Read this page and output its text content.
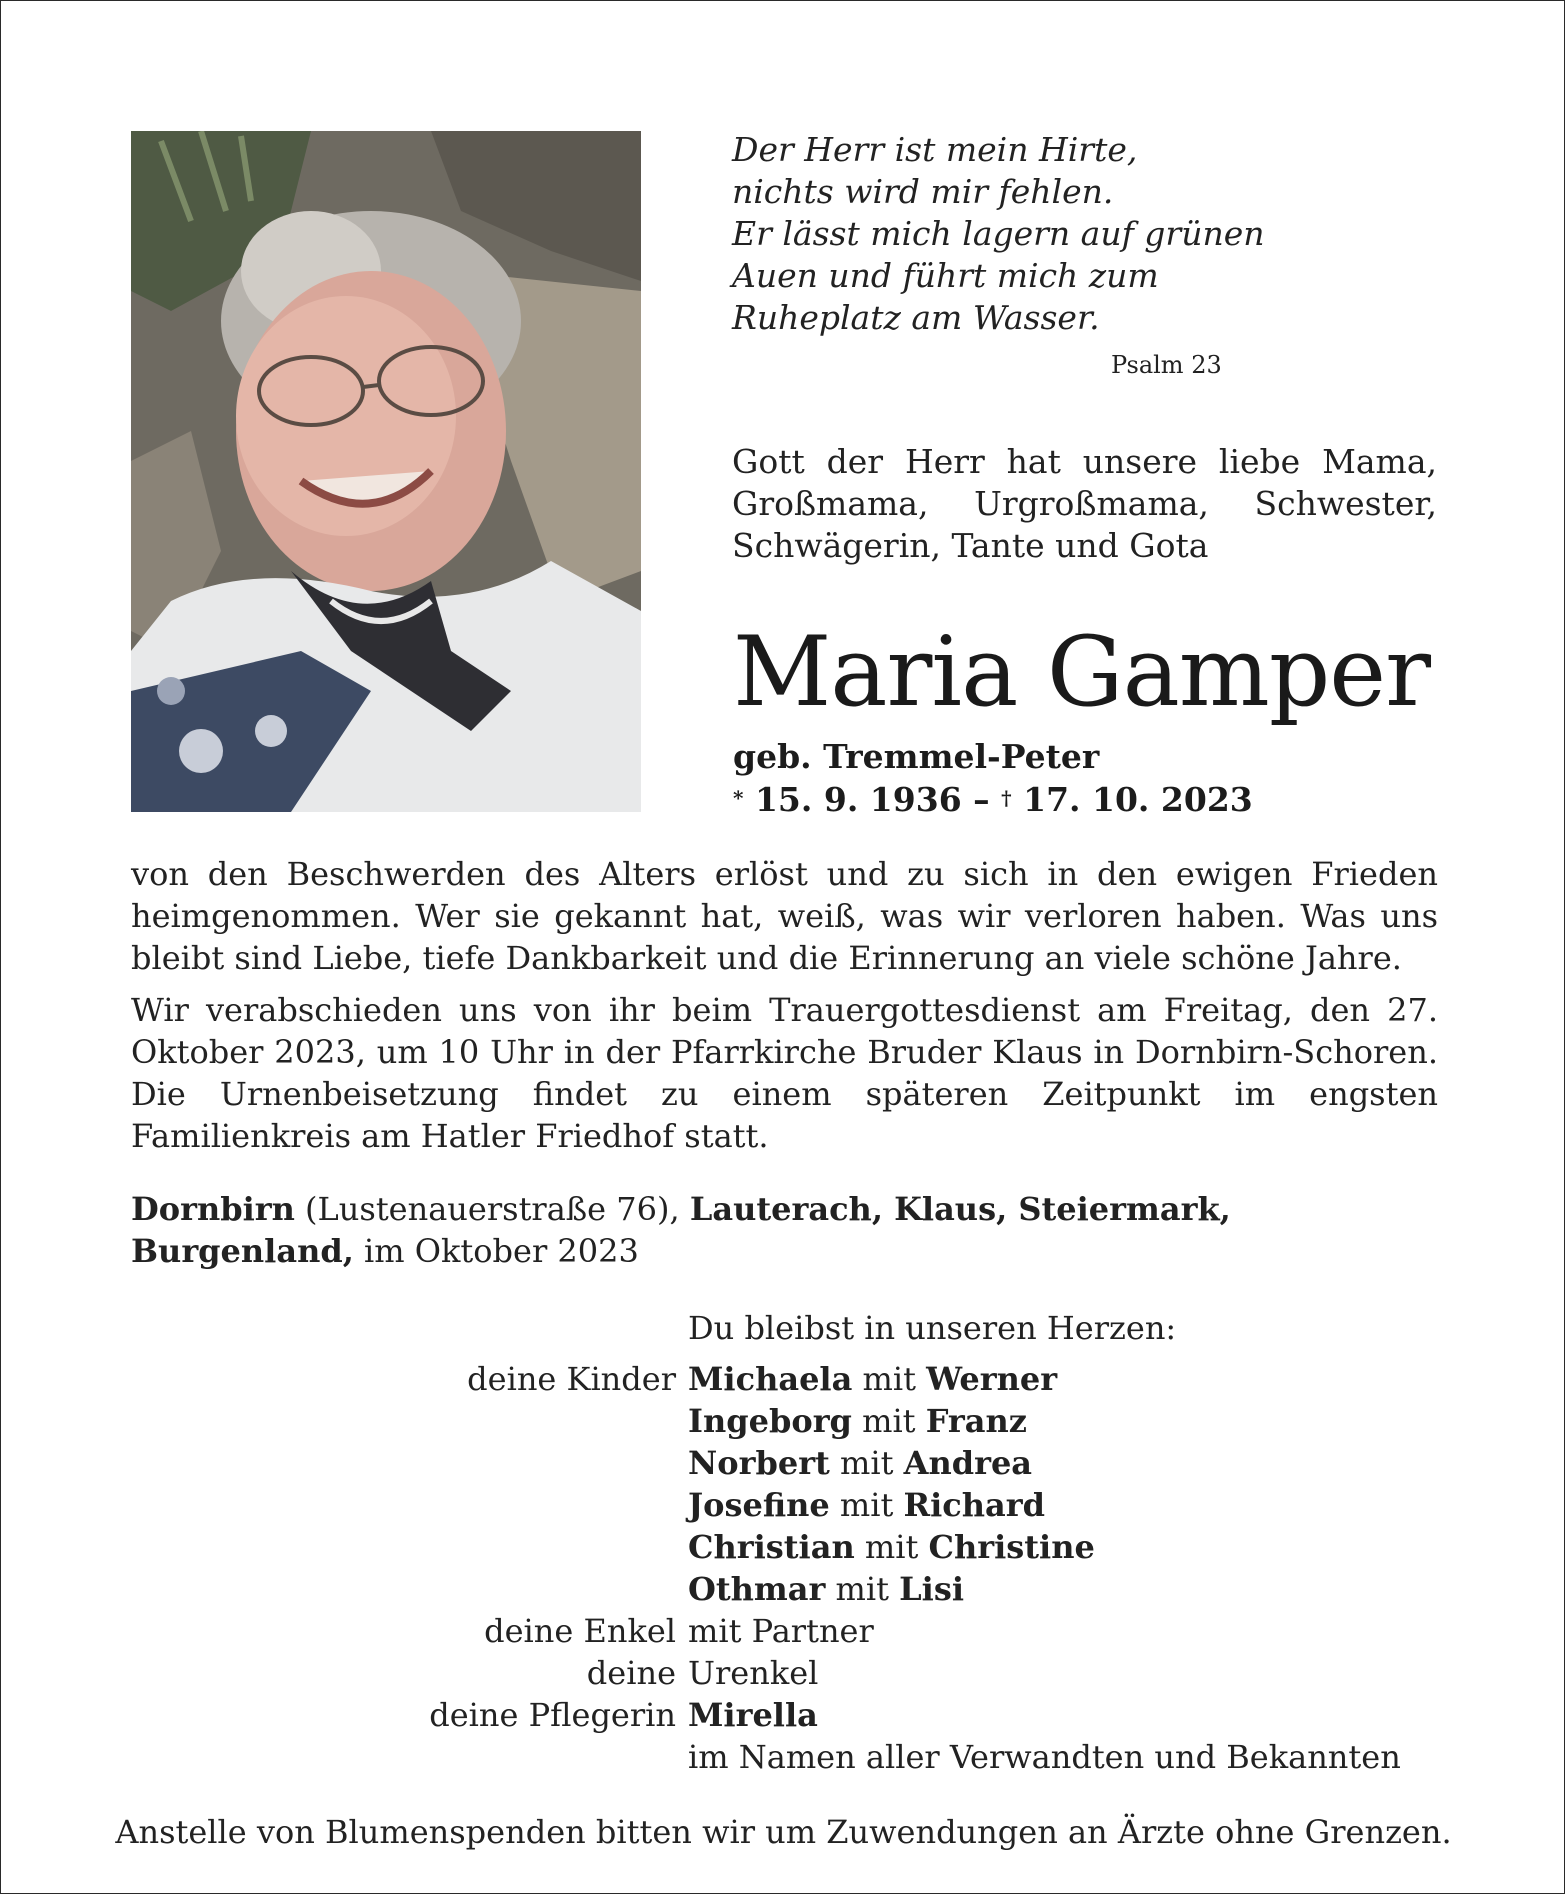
Der Herr ist mein Hirte,
nichts wird mir fehlen.
Er lässt mich lagern auf grünen
Auen und führt mich zum
Ruheplatz am Wasser.
Psalm 23
Gott der Herr hat unsere liebe Mama, Großmama, Urgroßmama, Schwester, Schwägerin, Tante und Gota
Maria Gamper
geb. Tremmel-Peter
* 15. 9. 1936 – † 17. 10. 2023

von den Beschwerden des Alters erlöst und zu sich in den ewigen Frieden heimgenommen. Wer sie gekannt hat, weiß, was wir verloren haben. Was uns bleibt sind Liebe, tiefe Dankbarkeit und die Erinnerung an viele schöne Jahre.

Wir verabschieden uns von ihr beim Trauergottesdienst am Freitag, den 27. Oktober 2023, um 10 Uhr in der Pfarrkirche Bruder Klaus in Dornbirn-Schoren. Die Urnenbeisetzung findet zu einem späteren Zeitpunkt im engsten Familienkreis am Hatler Friedhof statt.

Dornbirn (Lustenauerstraße 76), Lauterach, Klaus, Steiermark,
Burgenland, im Oktober 2023
Du bleibst in unseren Herzen:
deine Kinder Michaela mit Werner
Ingeborg mit Franz
Norbert mit Andrea
Josefine mit Richard
Christian mit Christine
Othmar mit Lisi
deine Enkel mit Partner
deine Urenkel
deine Pflegerin Mirella
im Namen aller Verwandten und Bekannten
Anstelle von Blumenspenden bitten wir um Zuwendungen an Ärzte ohne Grenzen.
